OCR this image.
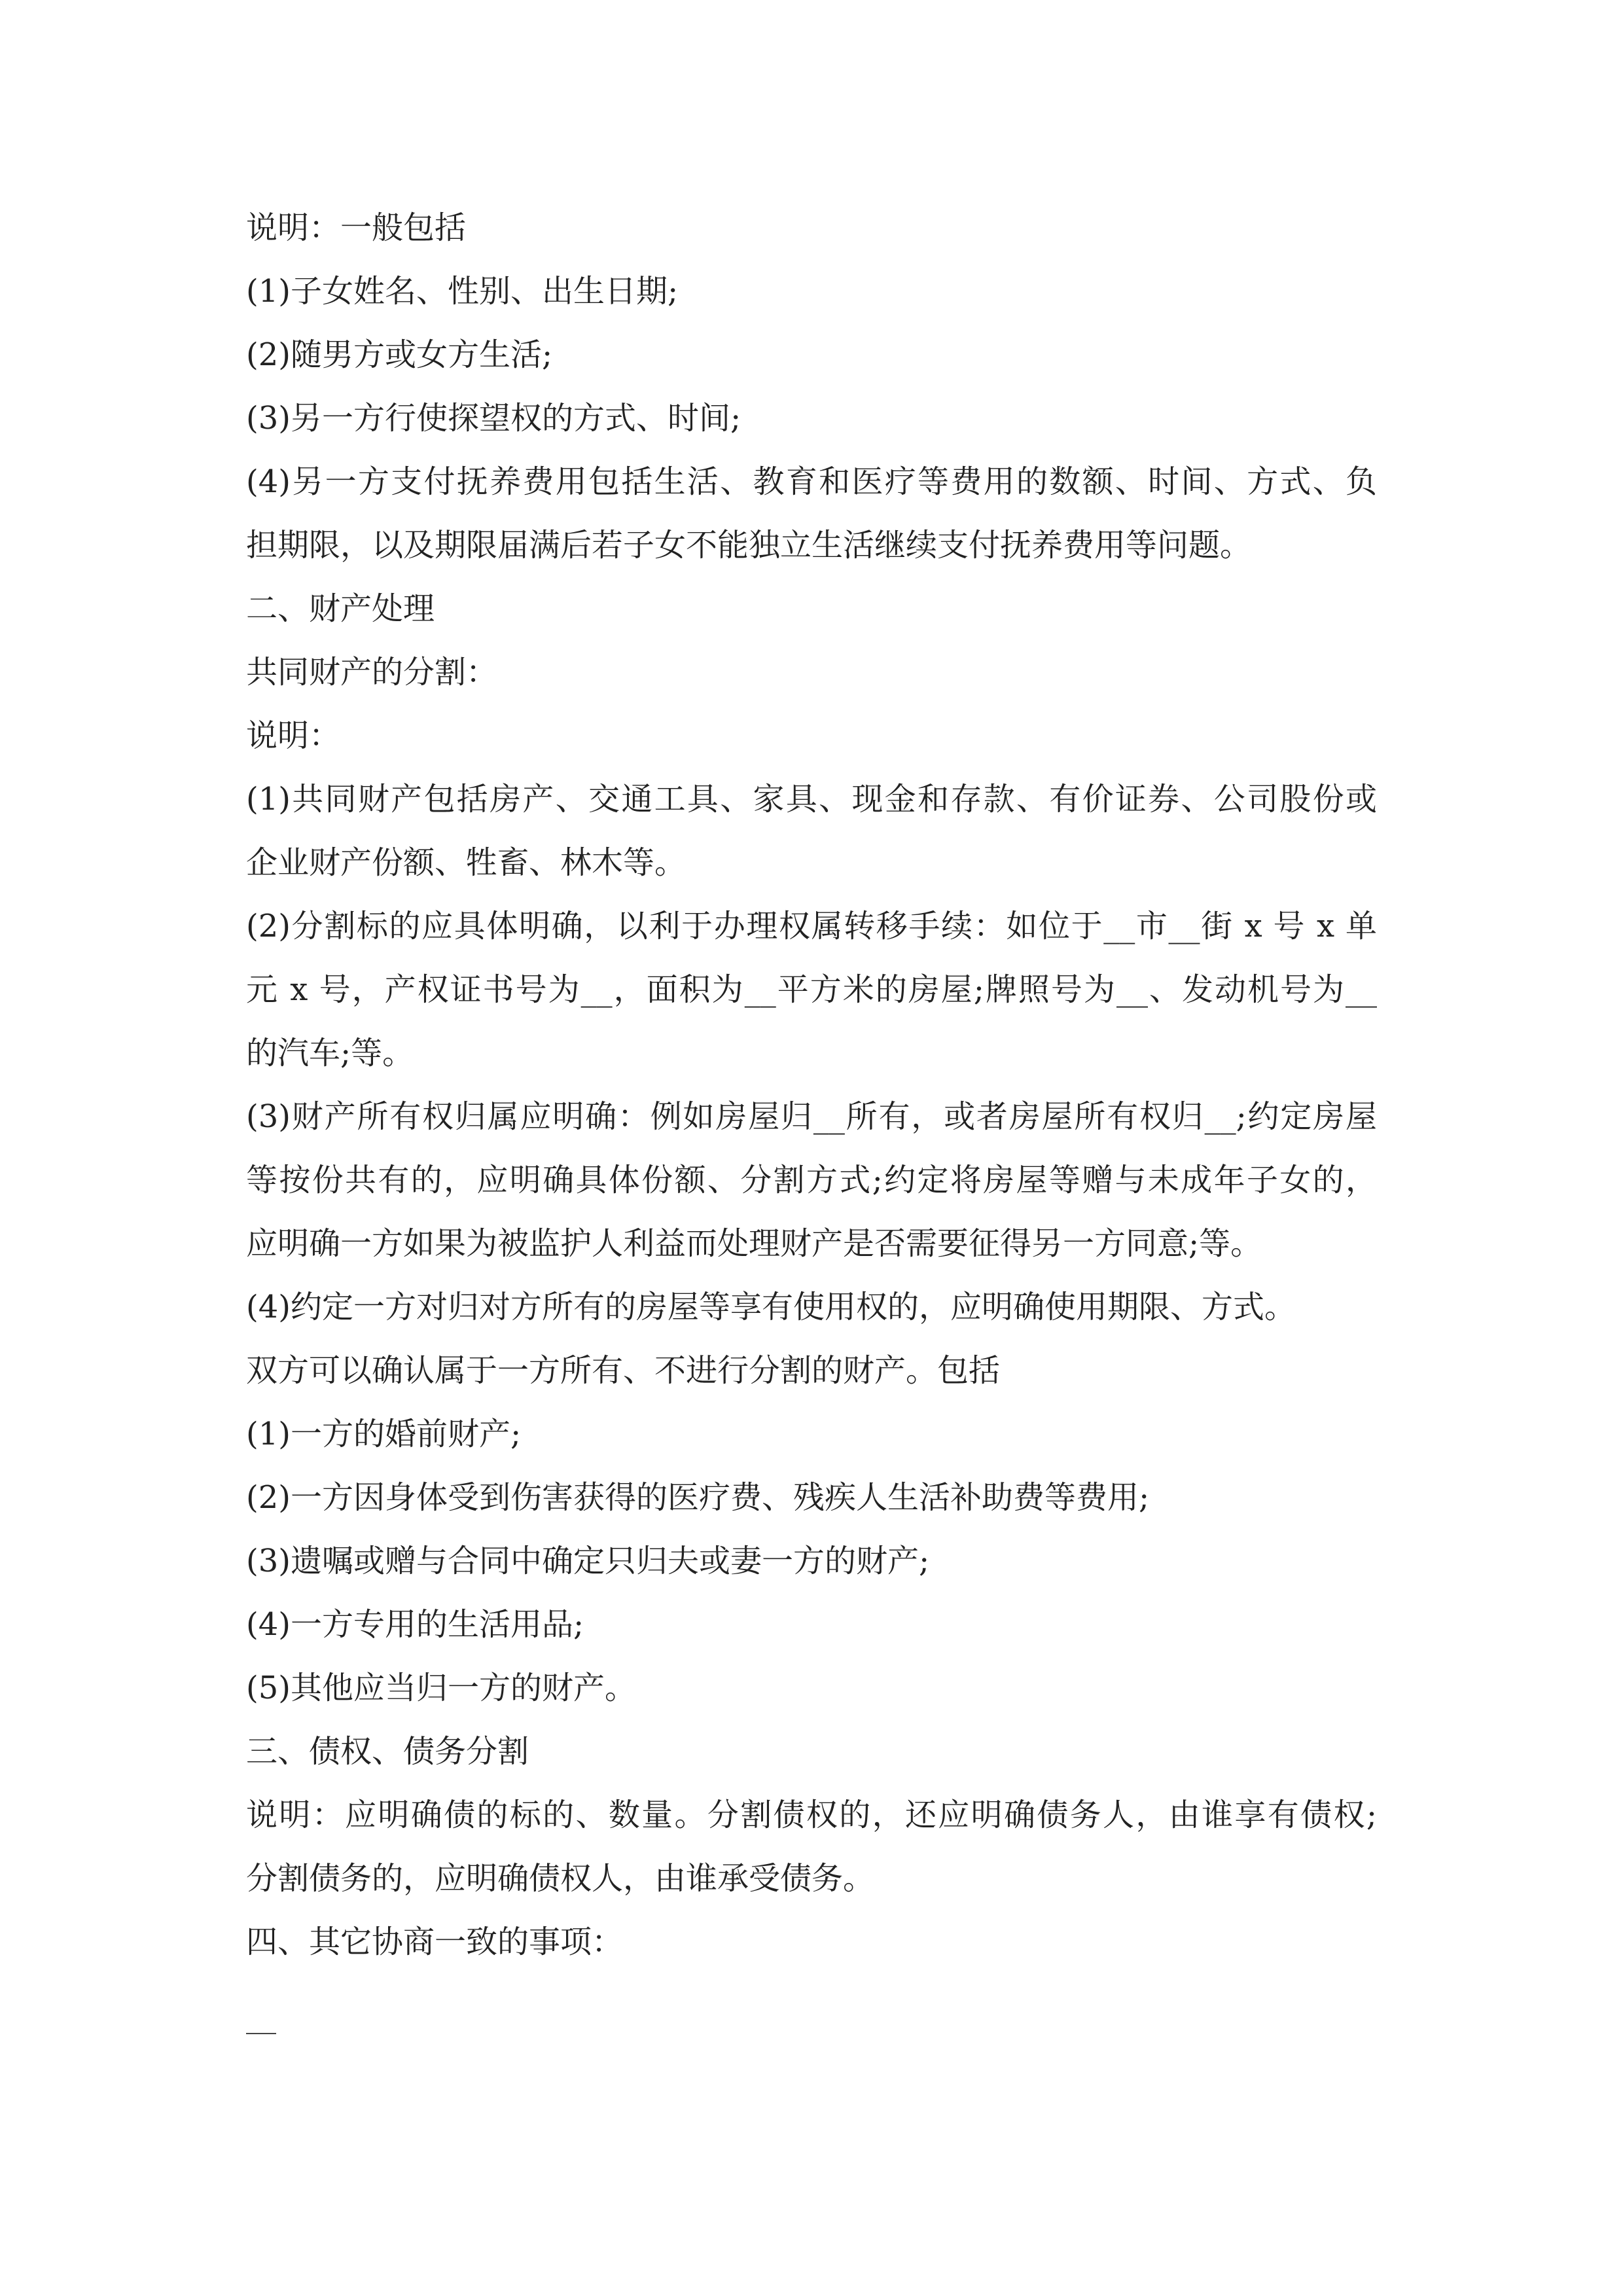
说明：一般包括
(1)子女姓名、性别、出生日期;
(2)随男方或女方生活;
(3)另一方行使探望权的方式、时间;
(4)另一方支付抚养费用包括生活、教育和医疗等费用的数额、时间、方式、负
担期限，以及期限届满后若子女不能独立生活继续支付抚养费用等问题。
二、财产处理
共同财产的分割：
说明：
(1)共同财产包括房产、交通工具、家具、现金和存款、有价证券、公司股份或
企业财产份额、牲畜、林木等。
(2)分割标的应具体明确，以利于办理权属转移手续：如位于__市__街 x 号 x 单
元 x 号，产权证书号为__，面积为__平方米的房屋;牌照号为__、发动机号为__
的汽车;等。
(3)财产所有权归属应明确：例如房屋归__所有，或者房屋所有权归__;约定房屋
等按份共有的，应明确具体份额、分割方式;约定将房屋等赠与未成年子女的，
应明确一方如果为被监护人利益而处理财产是否需要征得另一方同意;等。
(4)约定一方对归对方所有的房屋等享有使用权的，应明确使用期限、方式。
双方可以确认属于一方所有、不进行分割的财产。包括
(1)一方的婚前财产;
(2)一方因身体受到伤害获得的医疗费、残疾人生活补助费等费用;
(3)遗嘱或赠与合同中确定只归夫或妻一方的财产;
(4)一方专用的生活用品;
(5)其他应当归一方的财产。
三、债权、债务分割
说明：应明确债的标的、数量。分割债权的，还应明确债务人，由谁享有债权;
分割债务的，应明确债权人，由谁承受债务。
四、其它协商一致的事项：
